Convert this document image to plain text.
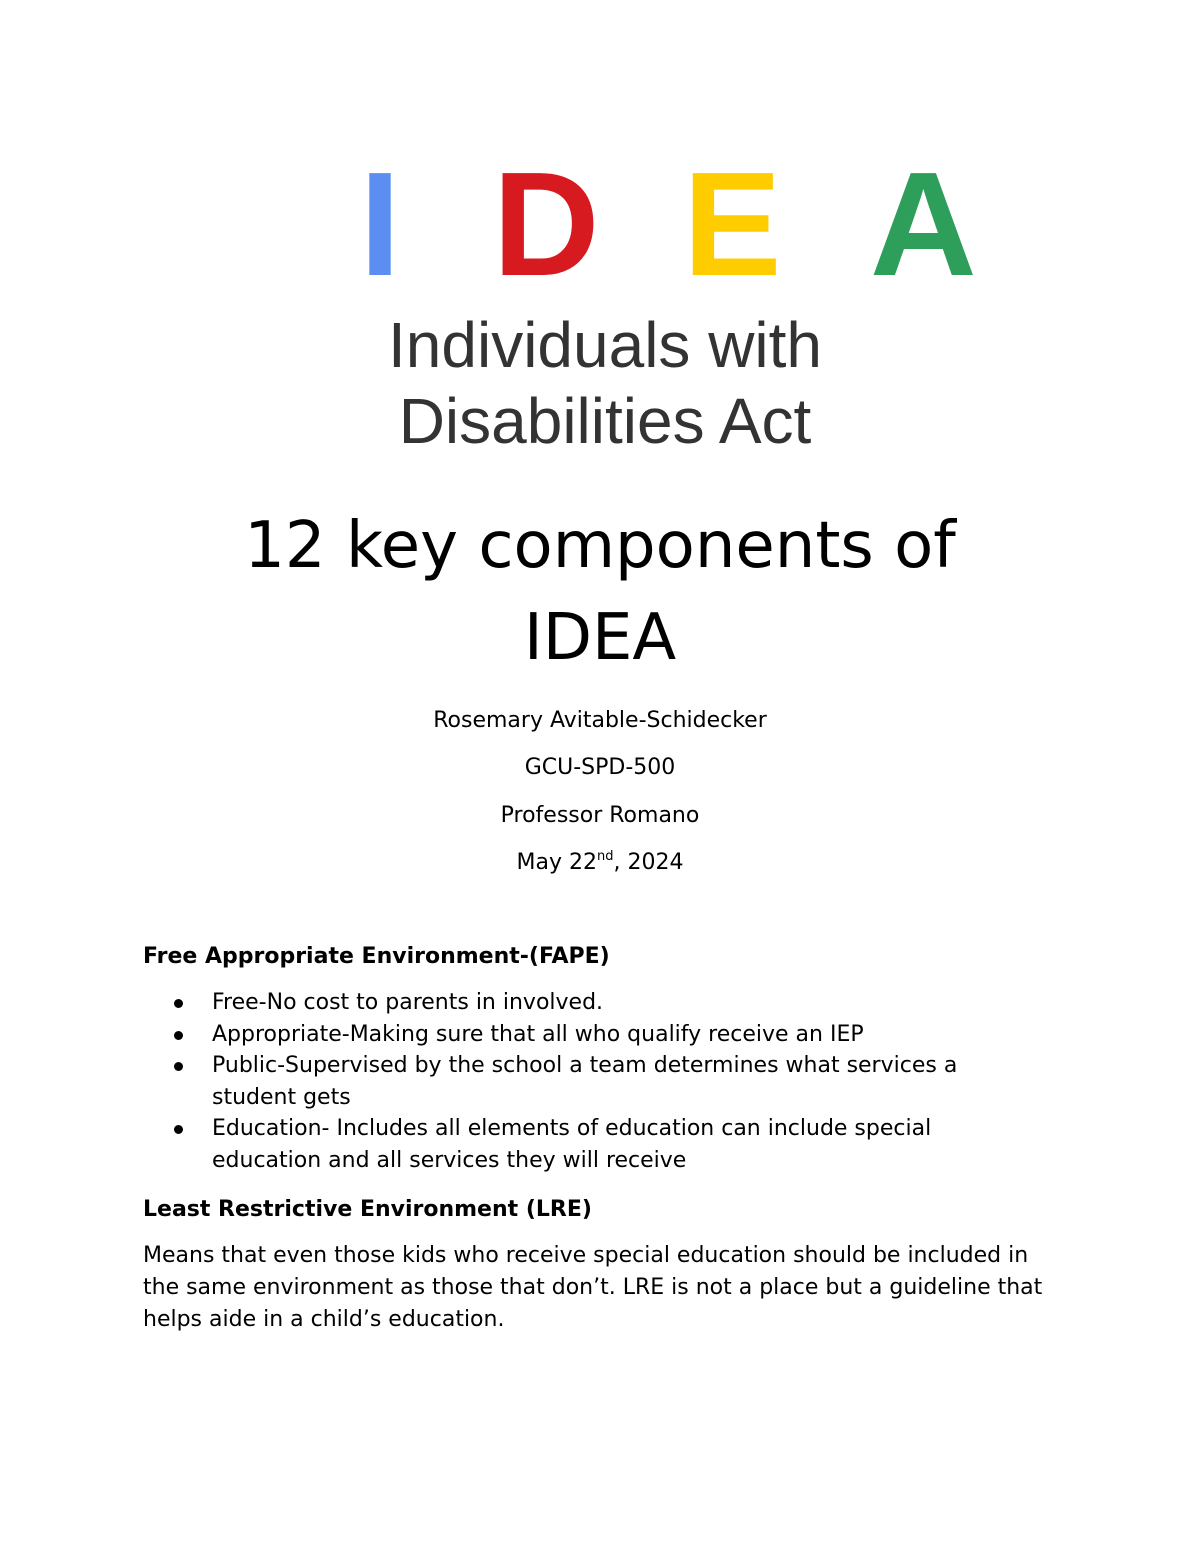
I D E A
Individuals with
Disabilities Act
12 key components of
IDEA
Rosemary Avitable-Schidecker
GCU-SPD-500
Professor Romano
May 22nd, 2024
Free Appropriate Environment-(FAPE)
Free-No cost to parents in involved.
Appropriate-Making sure that all who qualify receive an IEP
Public-Supervised by the school a team determines what services a student gets
Education- Includes all elements of education can include special education and all services they will receive
Least Restrictive Environment (LRE)
Means that even those kids who receive special education should be included in the same environment as those that don’t. LRE is not a place but a guideline that helps aide in a child’s education.
